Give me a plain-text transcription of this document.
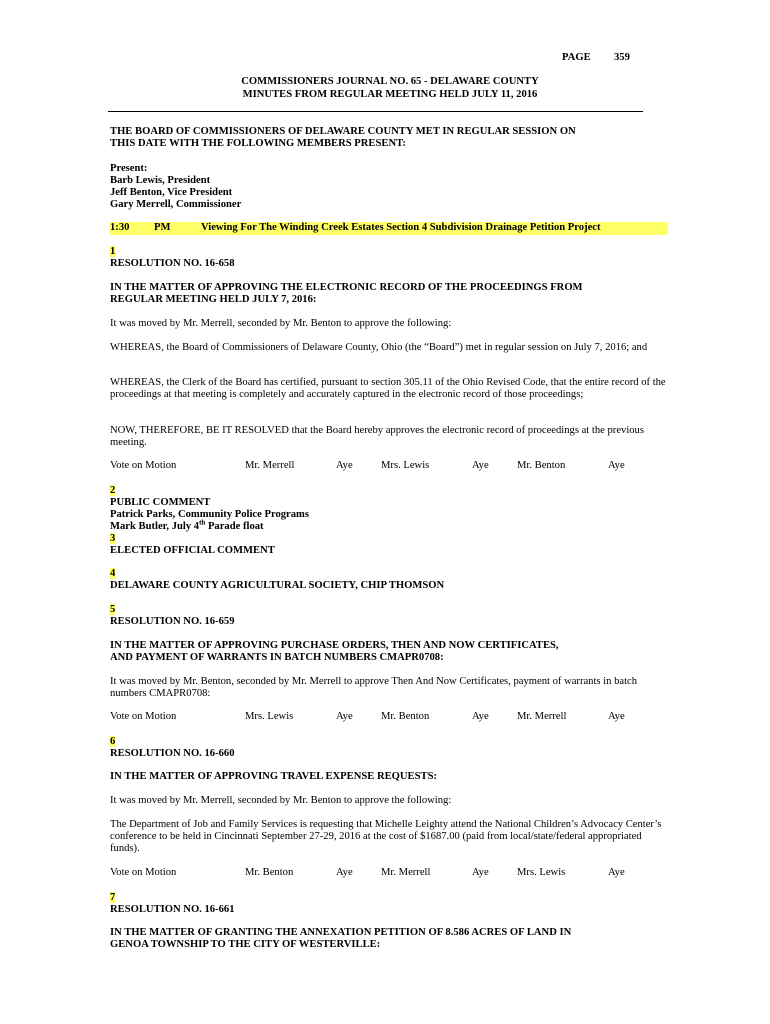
PAGE 359
COMMISSIONERS JOURNAL NO. 65 - DELAWARE COUNTY
MINUTES FROM REGULAR MEETING HELD JULY 11, 2016
THE BOARD OF COMMISSIONERS OF DELAWARE COUNTY MET IN REGULAR SESSION ON
THIS DATE WITH THE FOLLOWING MEMBERS PRESENT:
Present:
Barb Lewis, President
Jeff Benton, Vice President
Gary Merrell, Commissioner
1:30 PM	Viewing For The Winding Creek Estates Section 4 Subdivision Drainage Petition Project
1
RESOLUTION NO. 16-658
IN THE MATTER OF APPROVING THE ELECTRONIC RECORD OF THE PROCEEDINGS FROM
REGULAR MEETING HELD JULY 7, 2016:
It was moved by Mr. Merrell, seconded by Mr. Benton to approve the following:
WHEREAS, the Board of Commissioners of Delaware County, Ohio (the “Board”) met in regular session on July 7, 2016; and
WHEREAS, the Clerk of the Board has certified, pursuant to section 305.11 of the Ohio Revised Code, that the entire record of the proceedings at that meeting is completely and accurately captured in the electronic record of those proceedings;
NOW, THEREFORE, BE IT RESOLVED that the Board hereby approves the electronic record of proceedings at the previous meeting.
Vote on Motion	Mr. Merrell	Aye	Mrs. Lewis	Aye	Mr. Benton	Aye
2
PUBLIC COMMENT
Patrick Parks, Community Police Programs
Mark Butler, July 4th Parade float
3
ELECTED OFFICIAL COMMENT
4
DELAWARE COUNTY AGRICULTURAL SOCIETY, CHIP THOMSON
5
RESOLUTION NO. 16-659
IN THE MATTER OF APPROVING PURCHASE ORDERS, THEN AND NOW CERTIFICATES,
AND PAYMENT OF WARRANTS IN BATCH NUMBERS CMAPR0708:
It was moved by Mr. Benton, seconded by Mr. Merrell to approve Then And Now Certificates, payment of warrants in batch numbers CMAPR0708:
Vote on Motion	Mrs. Lewis	Aye	Mr. Benton	Aye	Mr. Merrell	Aye
6
RESOLUTION NO. 16-660
IN THE MATTER OF APPROVING TRAVEL EXPENSE REQUESTS:
It was moved by Mr. Merrell, seconded by Mr. Benton to approve the following:
The Department of Job and Family Services is requesting that Michelle Leighty attend the National Children’s Advocacy Center’s conference to be held in Cincinnati September 27-29, 2016 at the cost of $1687.00 (paid from local/state/federal appropriated funds).
Vote on Motion	Mr. Benton	Aye	Mr. Merrell	Aye	Mrs. Lewis	Aye
7
RESOLUTION NO. 16-661
IN THE MATTER OF GRANTING THE ANNEXATION PETITION OF 8.586 ACRES OF LAND IN
GENOA TOWNSHIP TO THE CITY OF WESTERVILLE:
